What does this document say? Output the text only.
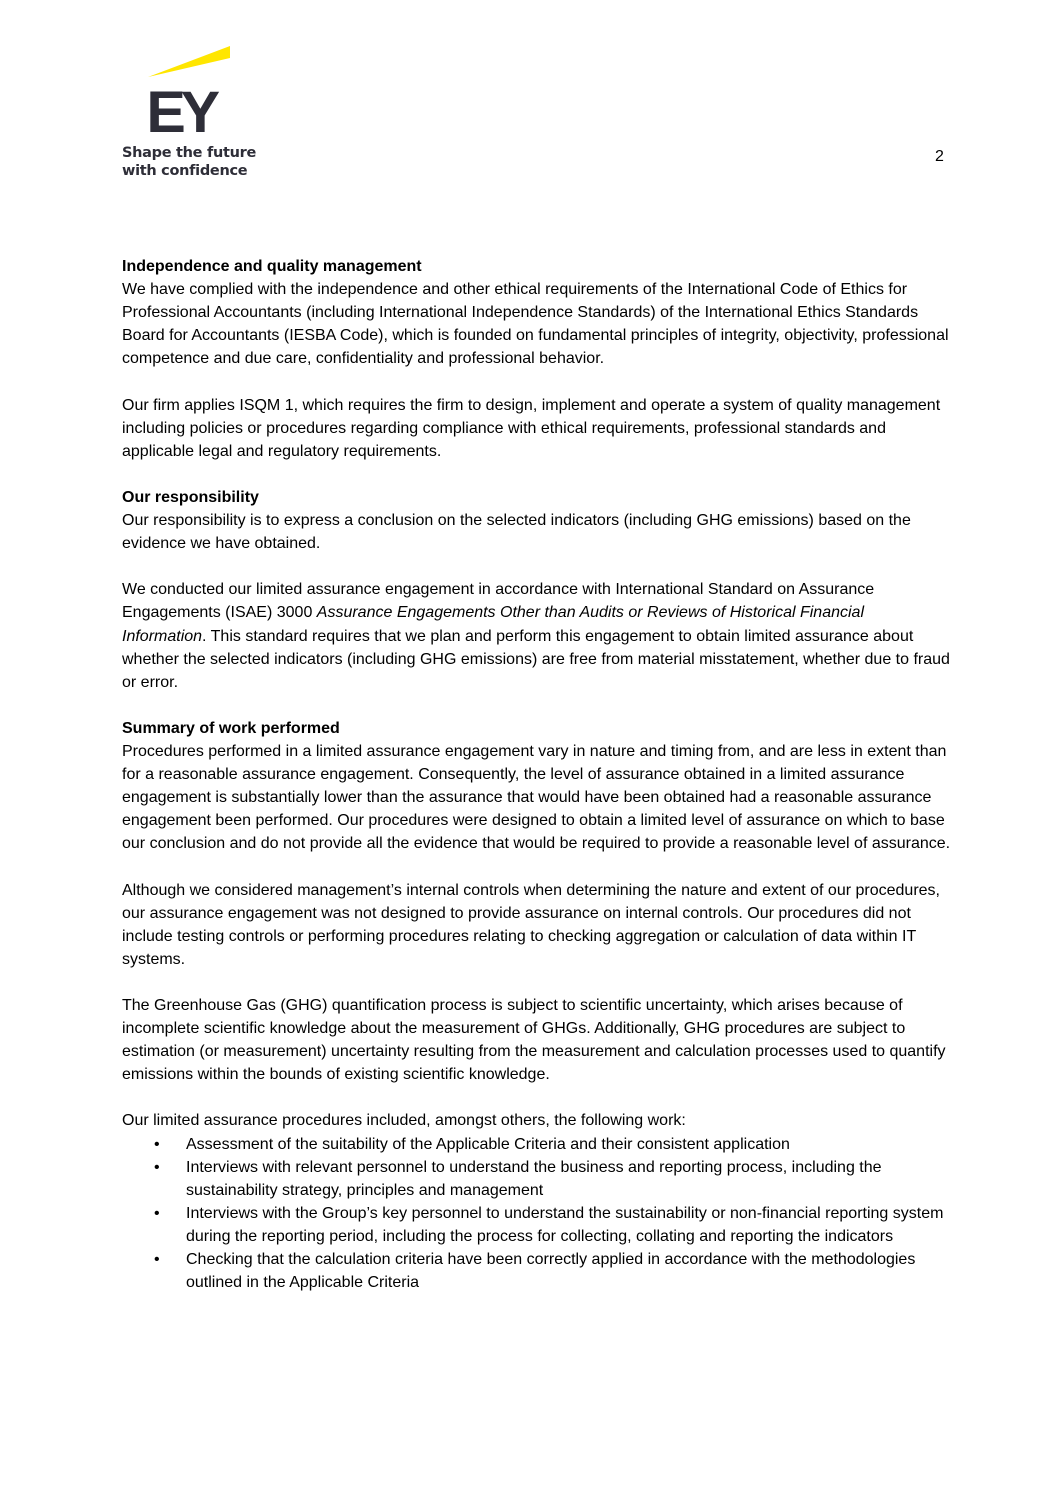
EY
Shape the future
with confidence
2
Independence and quality management

We have complied with the independence and other ethical requirements of the International Code of Ethics for Professional Accountants (including International Independence Standards) of the International Ethics Standards Board for Accountants (IESBA Code), which is founded on fundamental principles of integrity, objectivity, professional competence and due care, confidentiality and professional behavior.

Our firm applies ISQM 1, which requires the firm to design, implement and operate a system of quality management including policies or procedures regarding compliance with ethical requirements, professional standards and applicable legal and regulatory requirements.

Our responsibility

Our responsibility is to express a conclusion on the selected indicators (including GHG emissions) based on the evidence we have obtained.

We conducted our limited assurance engagement in accordance with International Standard on Assurance Engagements (ISAE) 3000 Assurance Engagements Other than Audits or Reviews of Historical Financial Information. This standard requires that we plan and perform this engagement to obtain limited assurance about whether the selected indicators (including GHG emissions) are free from material misstatement, whether due to fraud or error.

Summary of work performed

Procedures performed in a limited assurance engagement vary in nature and timing from, and are less in extent than for a reasonable assurance engagement. Consequently, the level of assurance obtained in a limited assurance engagement is substantially lower than the assurance that would have been obtained had a reasonable assurance engagement been performed. Our procedures were designed to obtain a limited level of assurance on which to base our conclusion and do not provide all the evidence that would be required to provide a reasonable level of assurance.

Although we considered management’s internal controls when determining the nature and extent of our procedures, our assurance engagement was not designed to provide assurance on internal controls. Our procedures did not include testing controls or performing procedures relating to checking aggregation or calculation of data within IT systems.

The Greenhouse Gas (GHG) quantification process is subject to scientific uncertainty, which arises because of incomplete scientific knowledge about the measurement of GHGs. Additionally, GHG procedures are subject to estimation (or measurement) uncertainty resulting from the measurement and calculation processes used to quantify emissions within the bounds of existing scientific knowledge.

Our limited assurance procedures included, amongst others, the following work:
• Assessment of the suitability of the Applicable Criteria and their consistent application
• Interviews with relevant personnel to understand the business and reporting process, including the sustainability strategy, principles and management
• Interviews with the Group’s key personnel to understand the sustainability or non-financial reporting system during the reporting period, including the process for collecting, collating and reporting the indicators
• Checking that the calculation criteria have been correctly applied in accordance with the methodologies outlined in the Applicable Criteria
